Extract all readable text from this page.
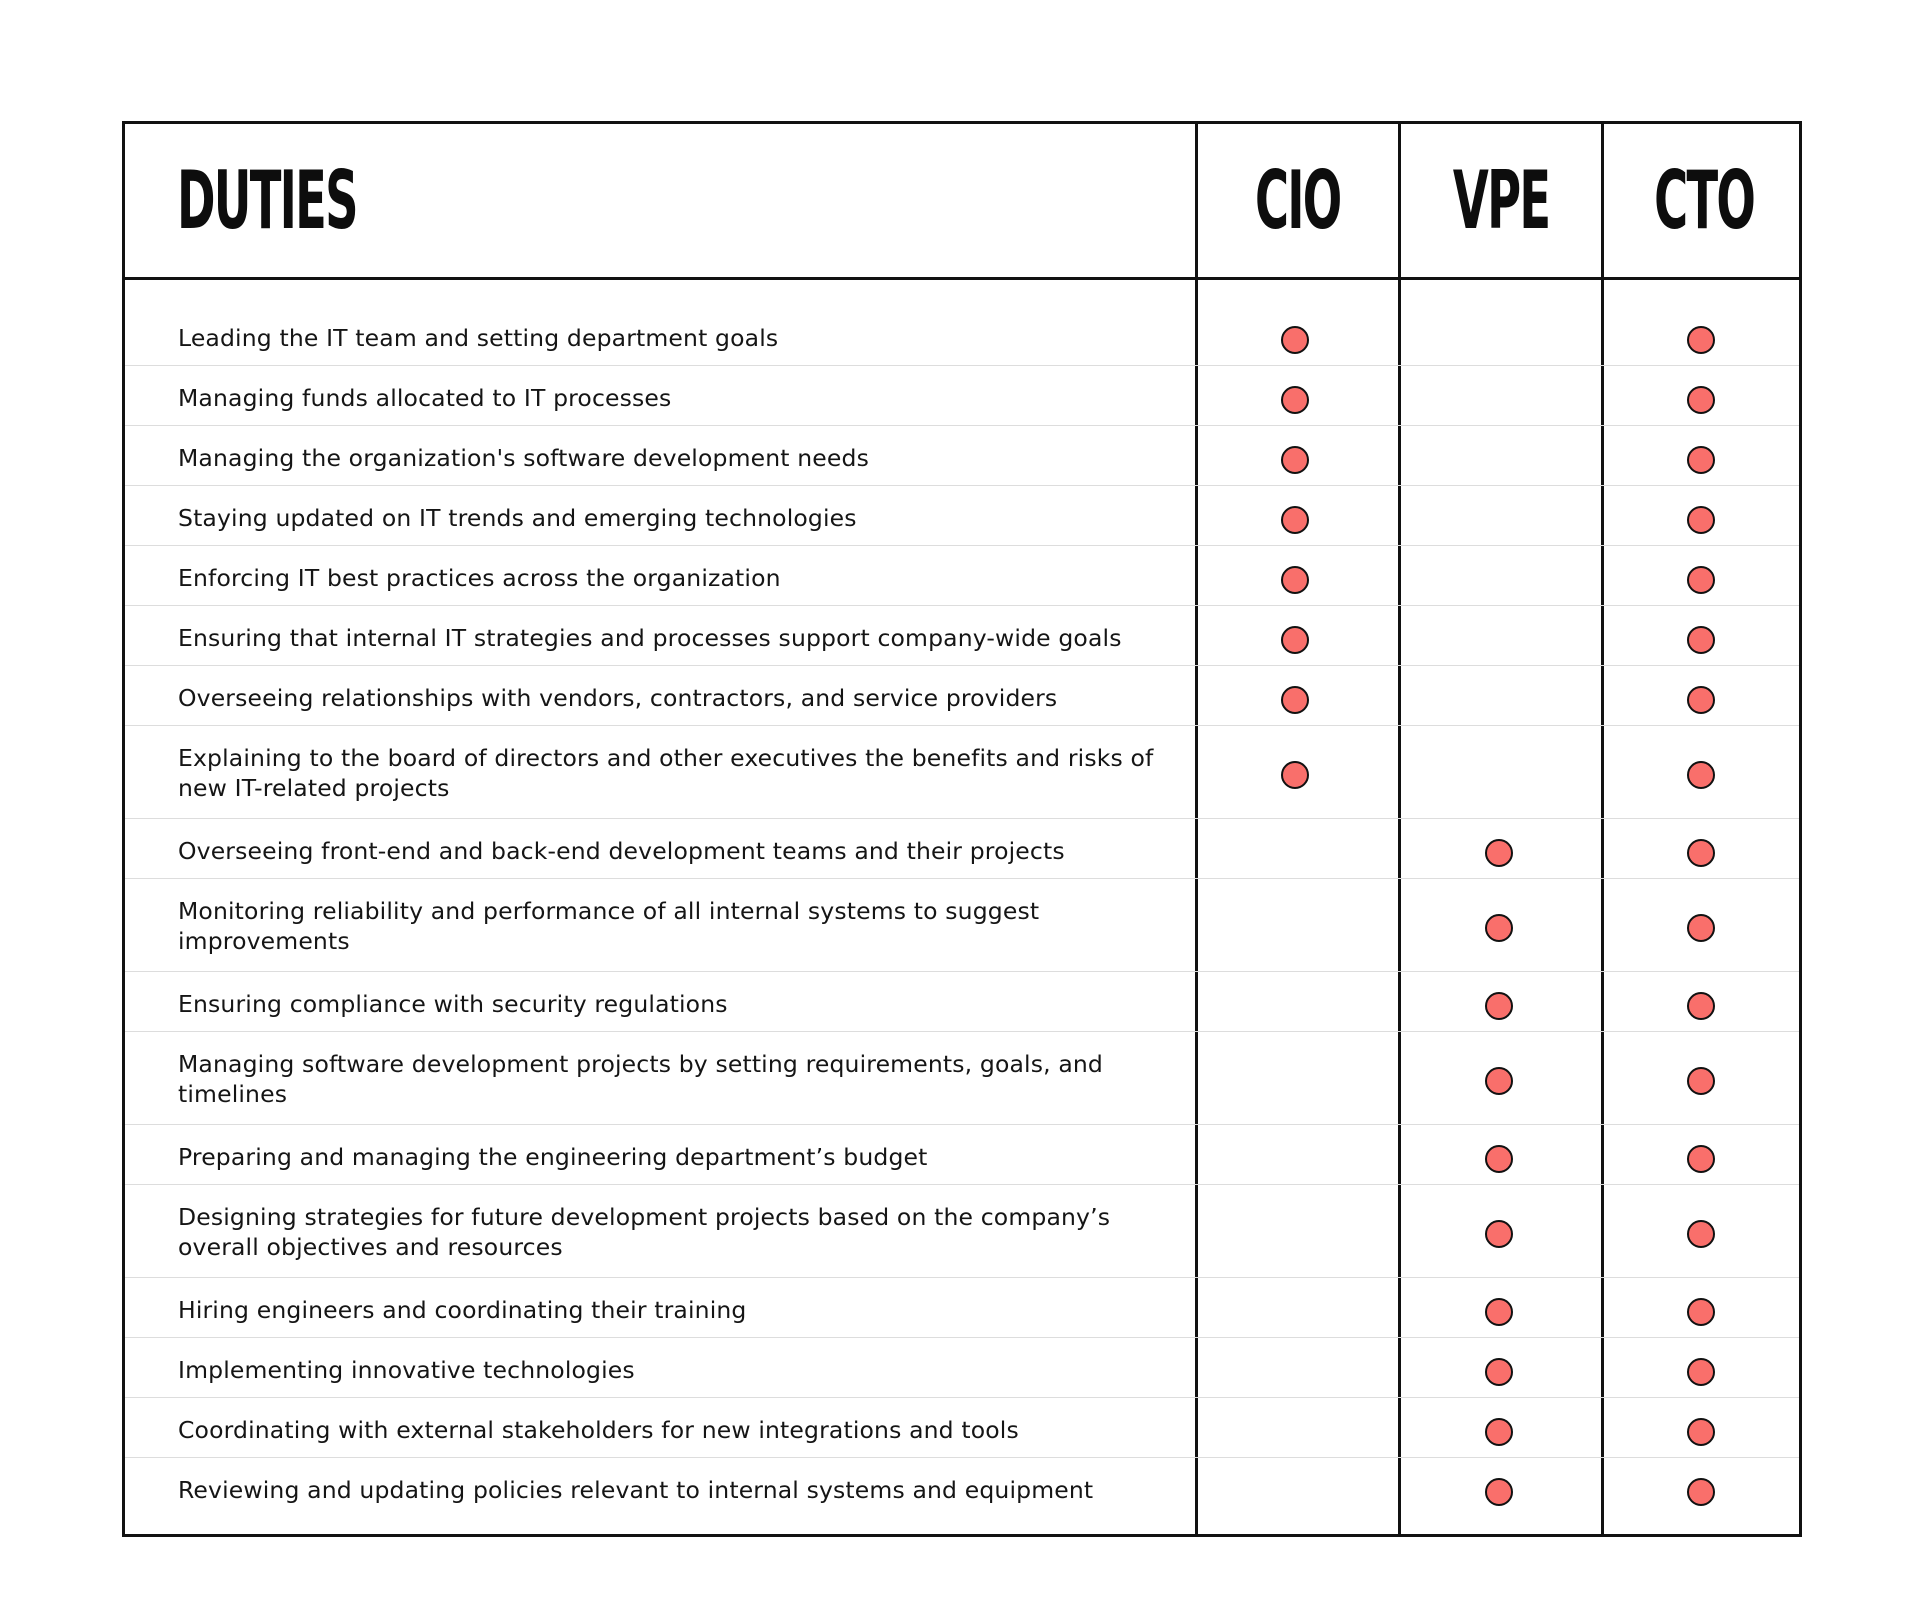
DUTIES	CIO VPE CTO
Leading the IT team and setting department goals
Managing funds allocated to IT processes
Managing the organization's software development needs
Staying updated on IT trends and emerging technologies
Enforcing IT best practices across the organization
Ensuring that internal IT strategies and processes support company-wide goals
Overseeing relationships with vendors, contractors, and service providers
Explaining to the board of directors and other executives the benefits and risks of new IT-related projects
Overseeing front-end and back-end development teams and their projects
Monitoring reliability and performance of all internal systems to suggest improvements
Ensuring compliance with security regulations
Managing software development projects by setting requirements, goals, and timelines
Preparing and managing the engineering department’s budget
Designing strategies for future development projects based on the company’s overall objectives and resources
Hiring engineers and coordinating their training
Implementing innovative technologies
Coordinating with external stakeholders for new integrations and tools
Reviewing and updating policies relevant to internal systems and equipment
